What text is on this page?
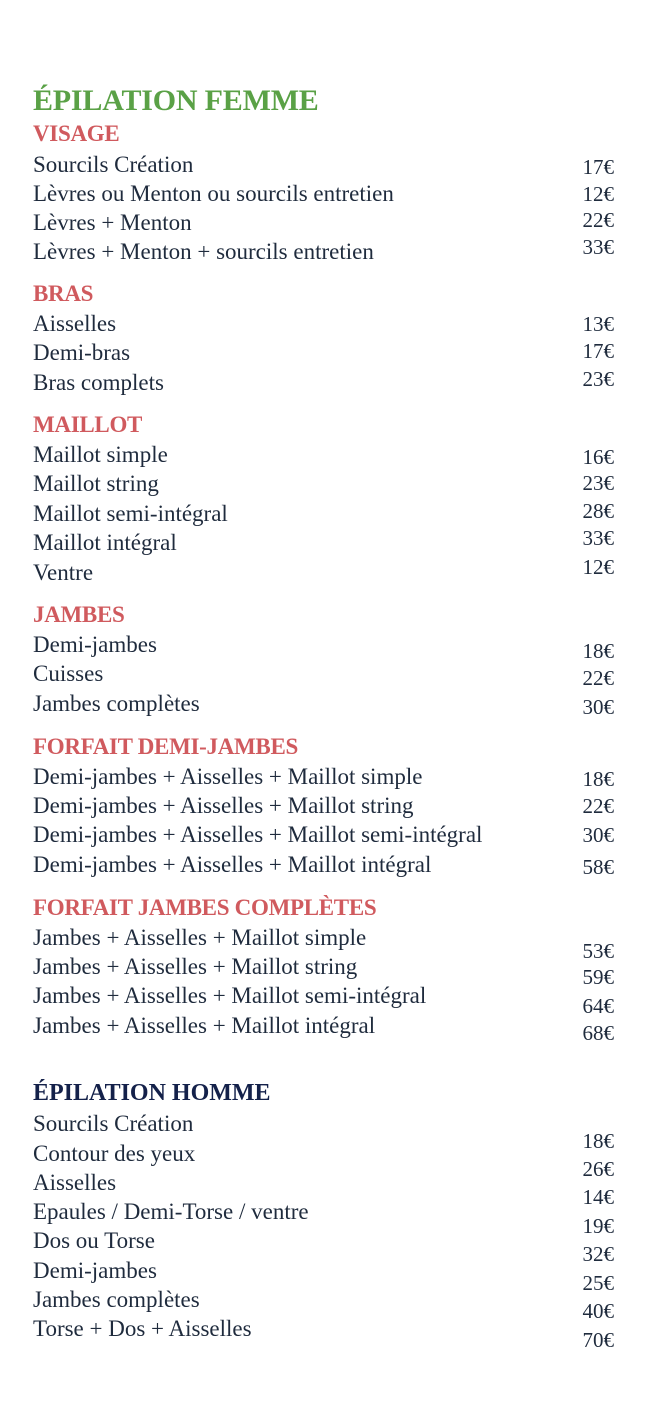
ÉPILATION FEMME
VISAGE
Sourcils Création
Lèvres ou Menton ou sourcils entretien
Lèvres + Menton
Lèvres + Menton + sourcils entretien
17€
12€
22€
33€
BRAS
Aisselles
Demi-bras
Bras complets
13€
17€
23€
MAILLOT
Maillot simple
Maillot string
Maillot semi-intégral
Maillot intégral
Ventre
16€
23€
28€
33€
12€
JAMBES
Demi-jambes
Cuisses
Jambes complètes
18€
22€
30€
FORFAIT DEMI-JAMBES
Demi-jambes + Aisselles + Maillot simple
Demi-jambes + Aisselles + Maillot string
Demi-jambes + Aisselles + Maillot semi-intégral
Demi-jambes + Aisselles + Maillot intégral
18€
22€
30€
58€
FORFAIT JAMBES COMPLÈTES
Jambes + Aisselles + Maillot simple
Jambes + Aisselles + Maillot string
Jambes + Aisselles + Maillot semi-intégral
Jambes + Aisselles + Maillot intégral
53€
59€
64€
68€
ÉPILATION HOMME
Sourcils Création
Contour des yeux
Aisselles
Epaules / Demi-Torse / ventre
Dos ou Torse
Demi-jambes
Jambes complètes
Torse + Dos + Aisselles
18€
26€
14€
19€
32€
25€
40€
70€
